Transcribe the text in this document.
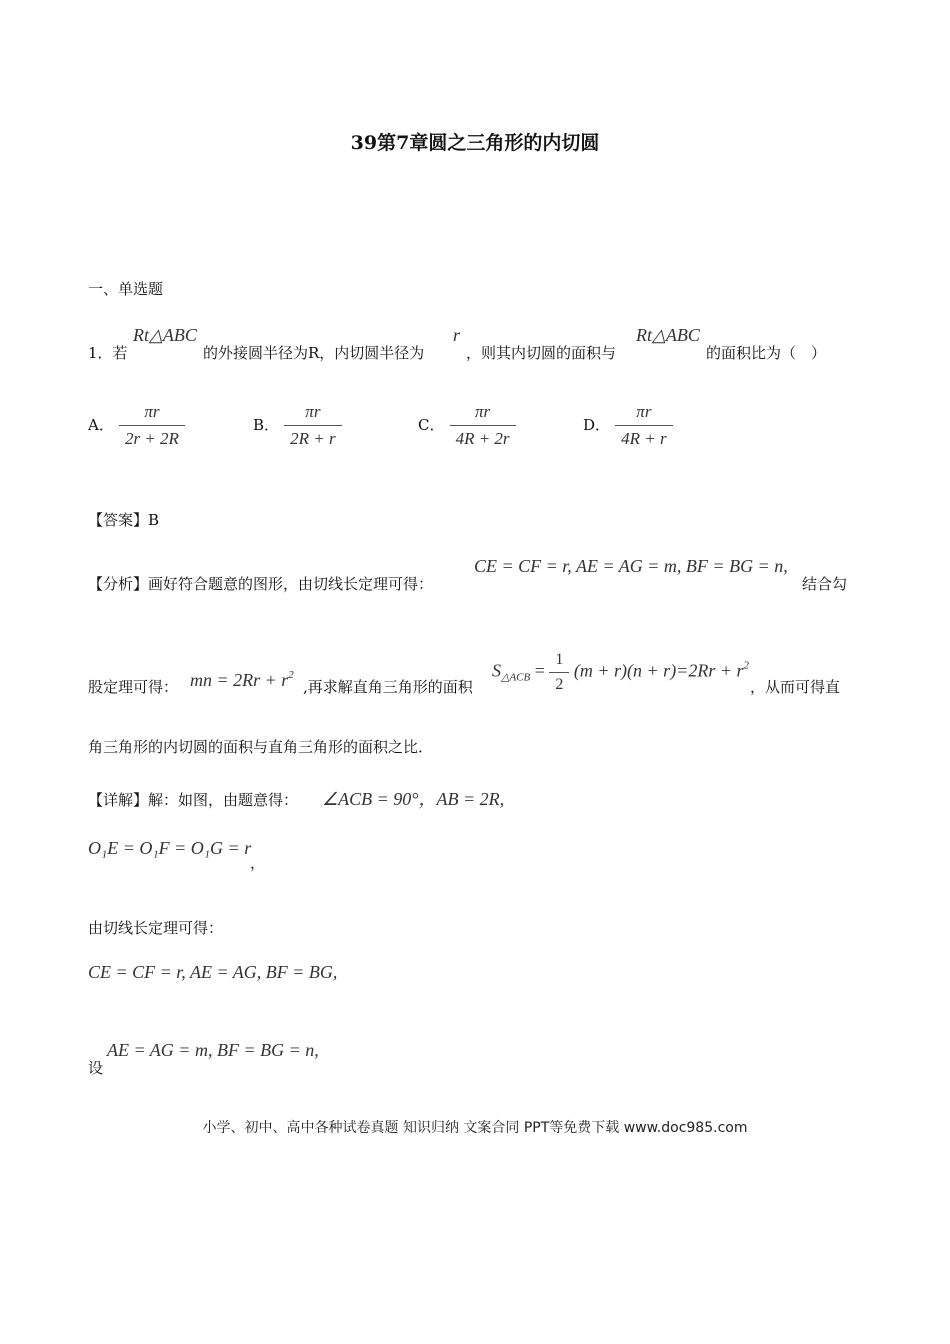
39第7章圆之三角形的内切圆
一、单选题
1．若
Rt△ABC
的外接圆半径为R，内切圆半径为
r
，则其内切圆的面积与
Rt△ABC
的面积比为（　）
A． $\frac{\pi r}{2r + 2R}$	B． $\frac{\pi r}{2R + r}$	C． $\frac{\pi r}{4R + 2r}$	D． $\frac{\pi r}{4R + r}$
【答案】B
【分析】画好符合题意的图形，由切线长定理可得：
CE = CF = r, AE = AG = m, BF = BG = n,
结合勾
股定理可得： mn = $2Rr + r^2$
,再求解直角三角形的面积
$S_{\triangle ACB} = \frac{1}{2} (m + r)(n + r)=2Rr + r^2$
，从而可得直
角三角形的内切圆的面积与直角三角形的面积之比．
【详解】解：如图，由题意得： ∠ACB = 90°，AB = 2R,
O₁E = O₁F = O₁G = r
，
由切线长定理可得：
CE = CF = r, AE = AG, BF = BG,
设
AE = AG = m, BF = BG = n,
小学、初中、高中各种试卷真题 知识归纳 文案合同 PPT等免费下载 www.doc985.com
